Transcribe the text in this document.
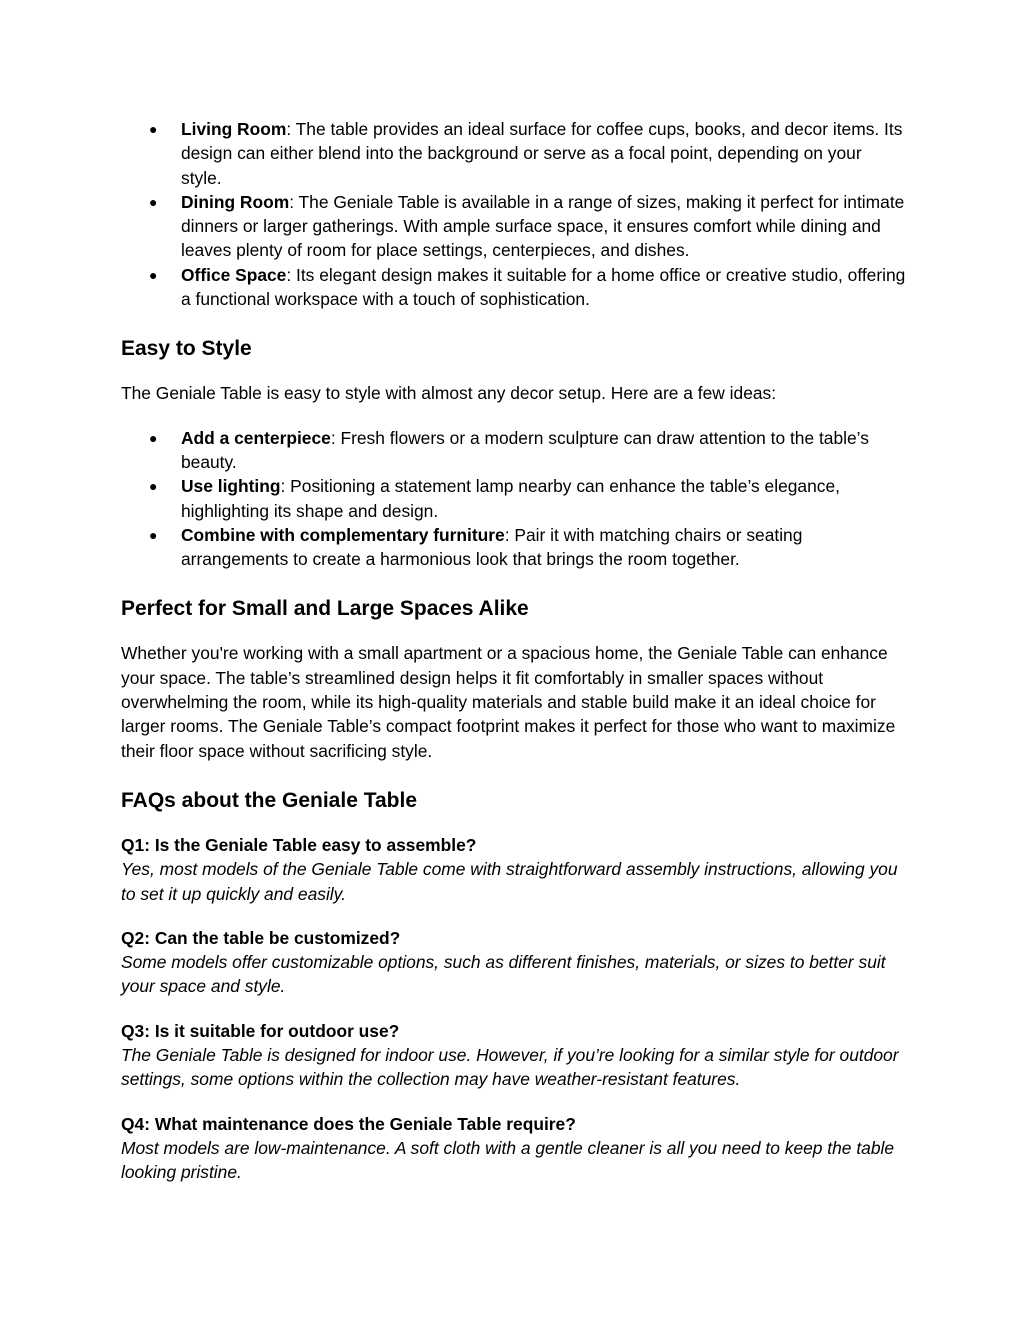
● Living Room: The table provides an ideal surface for coffee cups, books, and decor items. Its design can either blend into the background or serve as a focal point, depending on your style.
● Dining Room: The Geniale Table is available in a range of sizes, making it perfect for intimate dinners or larger gatherings. With ample surface space, it ensures comfort while dining and leaves plenty of room for place settings, centerpieces, and dishes.
● Office Space: Its elegant design makes it suitable for a home office or creative studio, offering a functional workspace with a touch of sophistication.
Easy to Style

The Geniale Table is easy to style with almost any decor setup. Here are a few ideas:

● Add a centerpiece: Fresh flowers or a modern sculpture can draw attention to the table’s beauty.
● Use lighting: Positioning a statement lamp nearby can enhance the table’s elegance, highlighting its shape and design.
● Combine with complementary furniture: Pair it with matching chairs or seating arrangements to create a harmonious look that brings the room together.
Perfect for Small and Large Spaces Alike

Whether you're working with a small apartment or a spacious home, the Geniale Table can enhance your space. The table’s streamlined design helps it fit comfortably in smaller spaces without overwhelming the room, while its high-quality materials and stable build make it an ideal choice for larger rooms. The Geniale Table’s compact footprint makes it perfect for those who want to maximize their floor space without sacrificing style.

FAQs about the Geniale Table

Q1: Is the Geniale Table easy to assemble?

Yes, most models of the Geniale Table come with straightforward assembly instructions, allowing you to set it up quickly and easily.

Q2: Can the table be customized?

Some models offer customizable options, such as different finishes, materials, or sizes to better suit your space and style.

Q3: Is it suitable for outdoor use?

The Geniale Table is designed for indoor use. However, if you’re looking for a similar style for outdoor settings, some options within the collection may have weather-resistant features.

Q4: What maintenance does the Geniale Table require?

Most models are low-maintenance. A soft cloth with a gentle cleaner is all you need to keep the table looking pristine.
